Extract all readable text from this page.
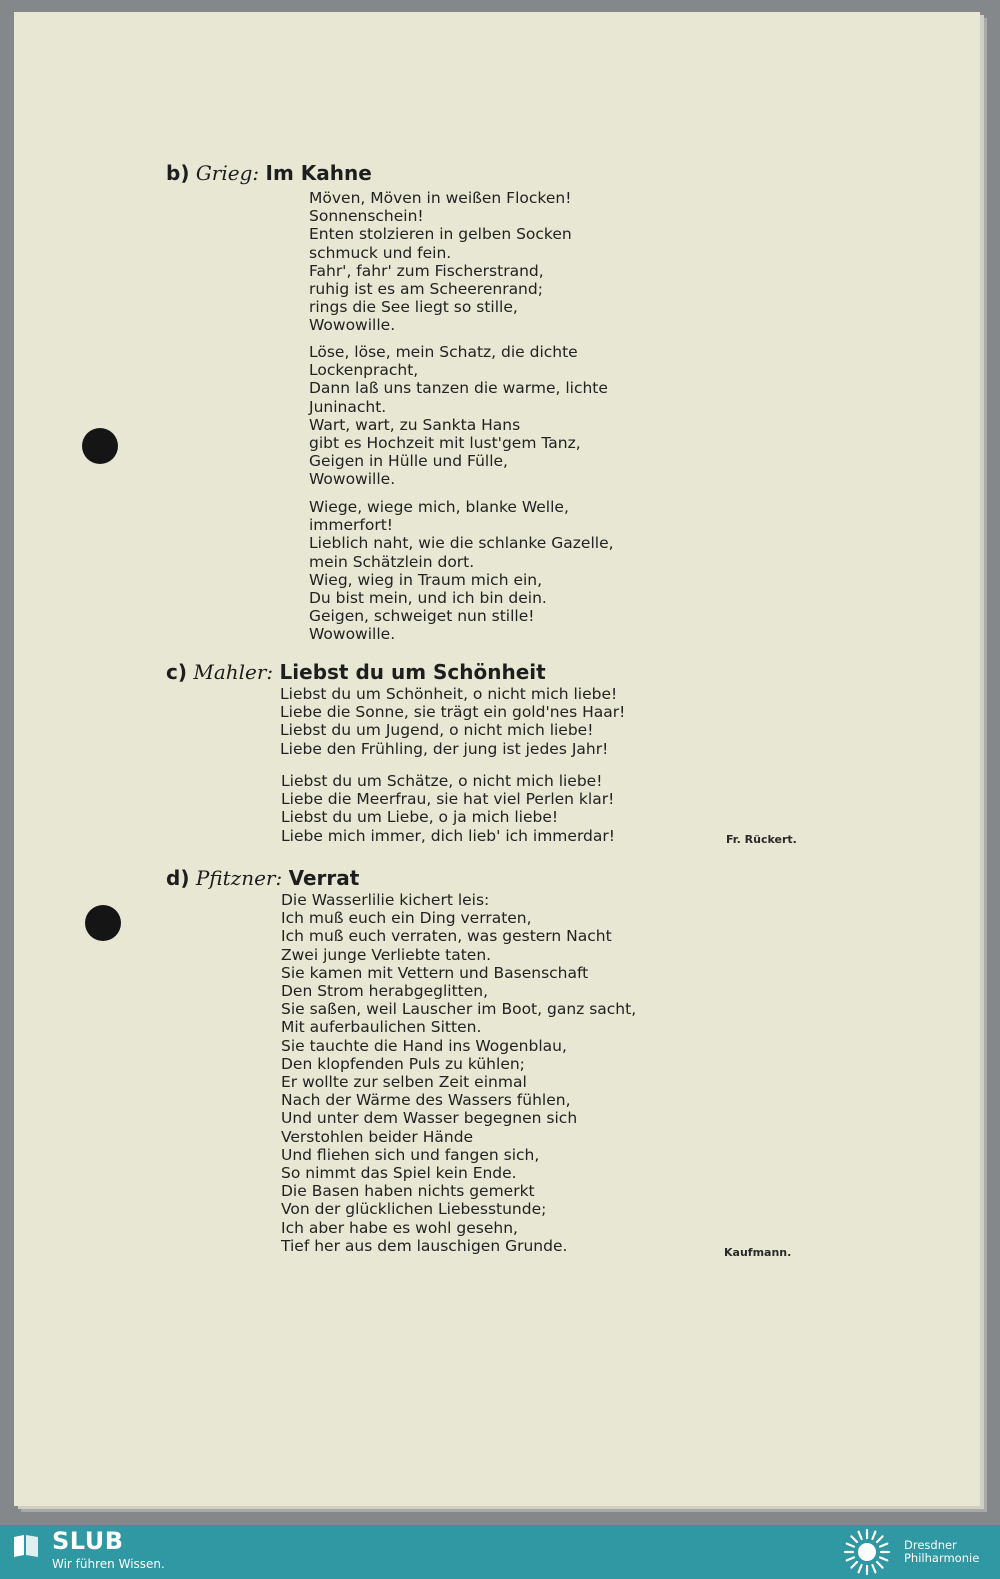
b) Grieg: Im Kahne
Möven, Möven in weißen Flocken!
Sonnenschein!
Enten stolzieren in gelben Socken
schmuck und fein.
Fahr', fahr' zum Fischerstrand,
ruhig ist es am Scheerenrand;
rings die See liegt so stille,
Wowowille.
Löse, löse, mein Schatz, die dichte
Lockenpracht,
Dann laß uns tanzen die warme, lichte
Juninacht.
Wart, wart, zu Sankta Hans
gibt es Hochzeit mit lust'gem Tanz,
Geigen in Hülle und Fülle,
Wowowille.
Wiege, wiege mich, blanke Welle,
immerfort!
Lieblich naht, wie die schlanke Gazelle,
mein Schätzlein dort.
Wieg, wieg in Traum mich ein,
Du bist mein, und ich bin dein.
Geigen, schweiget nun stille!
Wowowille.
c) Mahler: Liebst du um Schönheit
Liebst du um Schönheit, o nicht mich liebe!
Liebe die Sonne, sie trägt ein gold'nes Haar!
Liebst du um Jugend, o nicht mich liebe!
Liebe den Frühling, der jung ist jedes Jahr!
Liebst du um Schätze, o nicht mich liebe!
Liebe die Meerfrau, sie hat viel Perlen klar!
Liebst du um Liebe, o ja mich liebe!
Liebe mich immer, dich lieb' ich immerdar!	Fr. Rückert.
d) Pfitzner: Verrat
Die Wasserlilie kichert leis:
Ich muß euch ein Ding verraten,
Ich muß euch verraten, was gestern Nacht
Zwei junge Verliebte taten.
Sie kamen mit Vettern und Basenschaft
Den Strom herabgeglitten,
Sie saßen, weil Lauscher im Boot, ganz sacht,
Mit auferbaulichen Sitten.
Sie tauchte die Hand ins Wogenblau,
Den klopfenden Puls zu kühlen;
Er wollte zur selben Zeit einmal
Nach der Wärme des Wassers fühlen,
Und unter dem Wasser begegnen sich
Verstohlen beider Hände
Und fliehen sich und fangen sich,
So nimmt das Spiel kein Ende.
Die Basen haben nichts gemerkt
Von der glücklichen Liebesstunde;
Ich aber habe es wohl gesehn,
Tief her aus dem lauschigen Grunde.	Kaufmann.
SLUB
Wir führen Wissen.
Dresdner
Philharmonie
